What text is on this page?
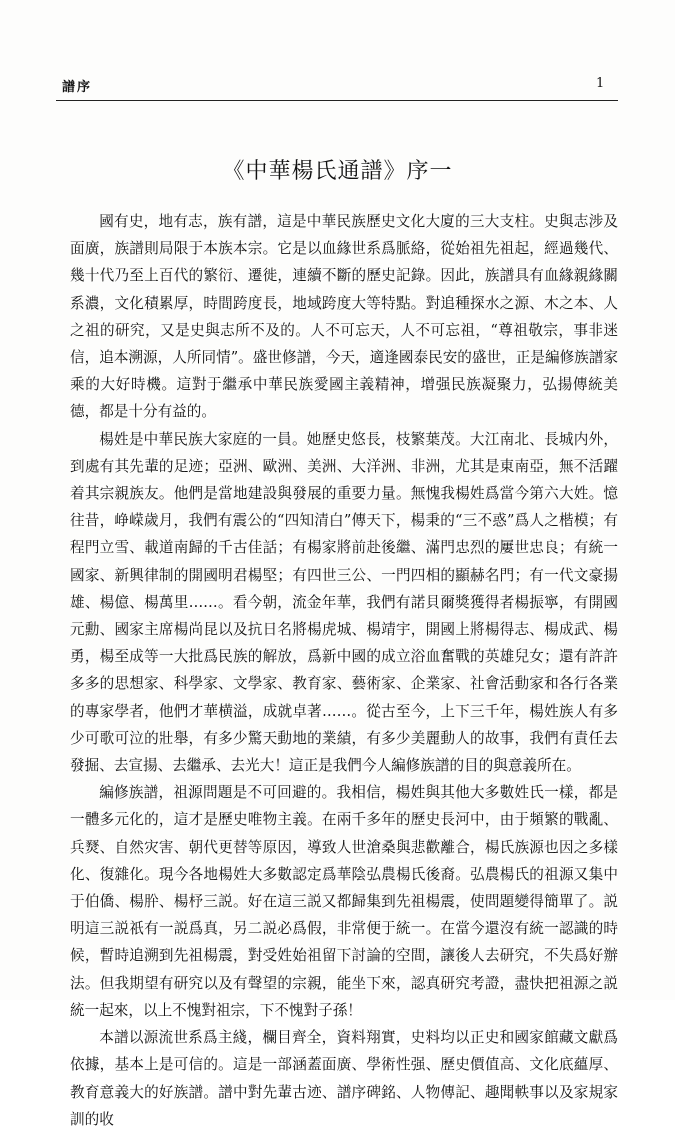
譜序	1
《中華楊氏通譜》序一

國有史，地有志，族有譜，這是中華民族歷史文化大廈的三大支柱。史與志涉及面廣，族譜則局限于本族本宗。它是以血緣世系爲脈絡，從始祖先祖起，經過幾代、幾十代乃至上百代的繁衍、遷徙，連續不斷的歷史記錄。因此，族譜具有血緣親緣關系濃，文化積累厚，時間跨度長，地域跨度大等特點。對追種探水之源、木之本、人之祖的研究，又是史與志所不及的。人不可忘天，人不可忘祖，“尊祖敬宗，事非迷信，追本溯源，人所同情”。盛世修譜，今天，適逢國泰民安的盛世，正是編修族譜家乘的大好時機。這對于繼承中華民族愛國主義精神，增强民族凝聚力，弘揚傳統美德，都是十分有益的。

楊姓是中華民族大家庭的一員。她歷史悠長，枝繁葉茂。大江南北、長城内外，到處有其先輩的足迹；亞洲、歐洲、美洲、大洋洲、非洲，尤其是東南亞，無不活躍着其宗親族友。他們是當地建設與發展的重要力量。無愧我楊姓爲當今第六大姓。憶往昔，峥嵘歲月，我們有震公的“四知清白”傳天下，楊秉的“三不惑”爲人之楷模；有程門立雪、載道南歸的千古佳話；有楊家將前赴後繼、滿門忠烈的屢世忠良；有統一國家、新興律制的開國明君楊堅；有四世三公、一門四相的顯赫名門；有一代文豪揚雄、楊億、楊萬里……。看今朝，流金年華，我們有諾貝爾獎獲得者楊振寧，有開國元勳、國家主席楊尚昆以及抗日名將楊虎城、楊靖宇，開國上將楊得志、楊成武、楊勇，楊至成等一大批爲民族的解放，爲新中國的成立浴血奮戰的英雄兒女；還有許許多多的思想家、科學家、文學家、教育家、藝術家、企業家、社會活動家和各行各業的專家學者，他們才華横溢，成就卓著……。從古至今，上下三千年，楊姓族人有多少可歌可泣的壯舉，有多少驚天動地的業績，有多少美麗動人的故事，我們有責任去發掘、去宣揚、去繼承、去光大！這正是我們今人編修族譜的目的與意義所在。

編修族譜，祖源問題是不可回避的。我相信，楊姓與其他大多數姓氏一樣，都是一體多元化的，這才是歷史唯物主義。在兩千多年的歷史長河中，由于頻繁的戰亂、兵燹、自然灾害、朝代更替等原因，導致人世滄桑與悲歡離合，楊氏族源也因之多樣化、復雜化。現今各地楊姓大多數認定爲華陰弘農楊氏後裔。弘農楊氏的祖源又集中于伯僑、楊肸、楊杼三説。好在這三説又都歸集到先祖楊震，使問題變得簡單了。説明這三説祇有一説爲真，另二説必爲假，非常便于統一。在當今還沒有統一認識的時候，暫時追溯到先祖楊震，對受姓始祖留下討論的空間，讓後人去研究，不失爲好辦法。但我期望有研究以及有聲望的宗親，能坐下來，認真研究考證，盡快把祖源之説統一起來，以上不愧對祖宗，下不愧對子孫！

本譜以源流世系爲主綫，欄目齊全，資料翔實，史料均以正史和國家館藏文獻爲依據，基本上是可信的。這是一部涵蓋面廣、學術性强、歷史價值高、文化底蘊厚、教育意義大的好族譜。譜中對先輩古迹、譜序碑銘、人物傳記、趣聞軼事以及家規家訓的收
